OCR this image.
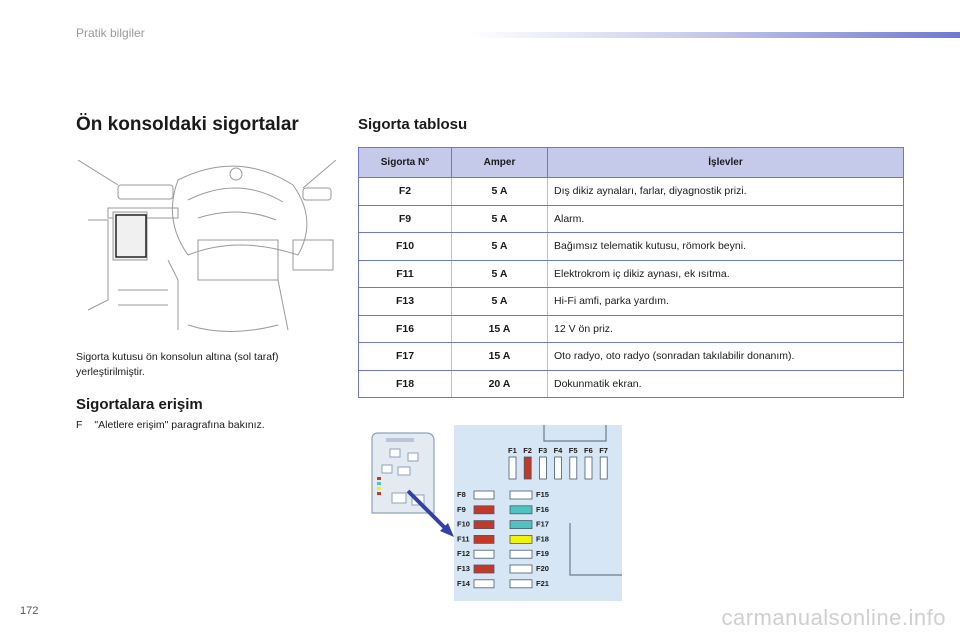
Pratik bilgiler
Ön konsoldaki sigortalar	Sigorta tablosu
Sigorta kutusu ön konsolun altına (sol taraf) yerleştirilmiştir.
Sigortalara erişim
F "Aletlere erişim" paragrafına bakınız.
Sigorta N°	Amper	İşlevler
F2	5 A	Dış dikiz aynaları, farlar, diyagnostik prizi.
F9	5 A	Alarm.
F10	5 A	Bağımsız telematik kutusu, römork beyni.
F11	5 A	Elektrokrom iç dikiz aynası, ek ısıtma.
F13	5 A	Hi-Fi amfi, parka yardım.
F16	15 A	12 V ön priz.
F17	15 A	Oto radyo, oto radyo (sonradan takılabilir donanım).
F18	20 A	Dokunmatik ekran.
F1 F2 F3 F4 F5 F6 F7
F8
F9
F10
F11
F12
F13
F14
F15
F16
F17
F18
F19
F20
F21
172	carmanualsonline.info
